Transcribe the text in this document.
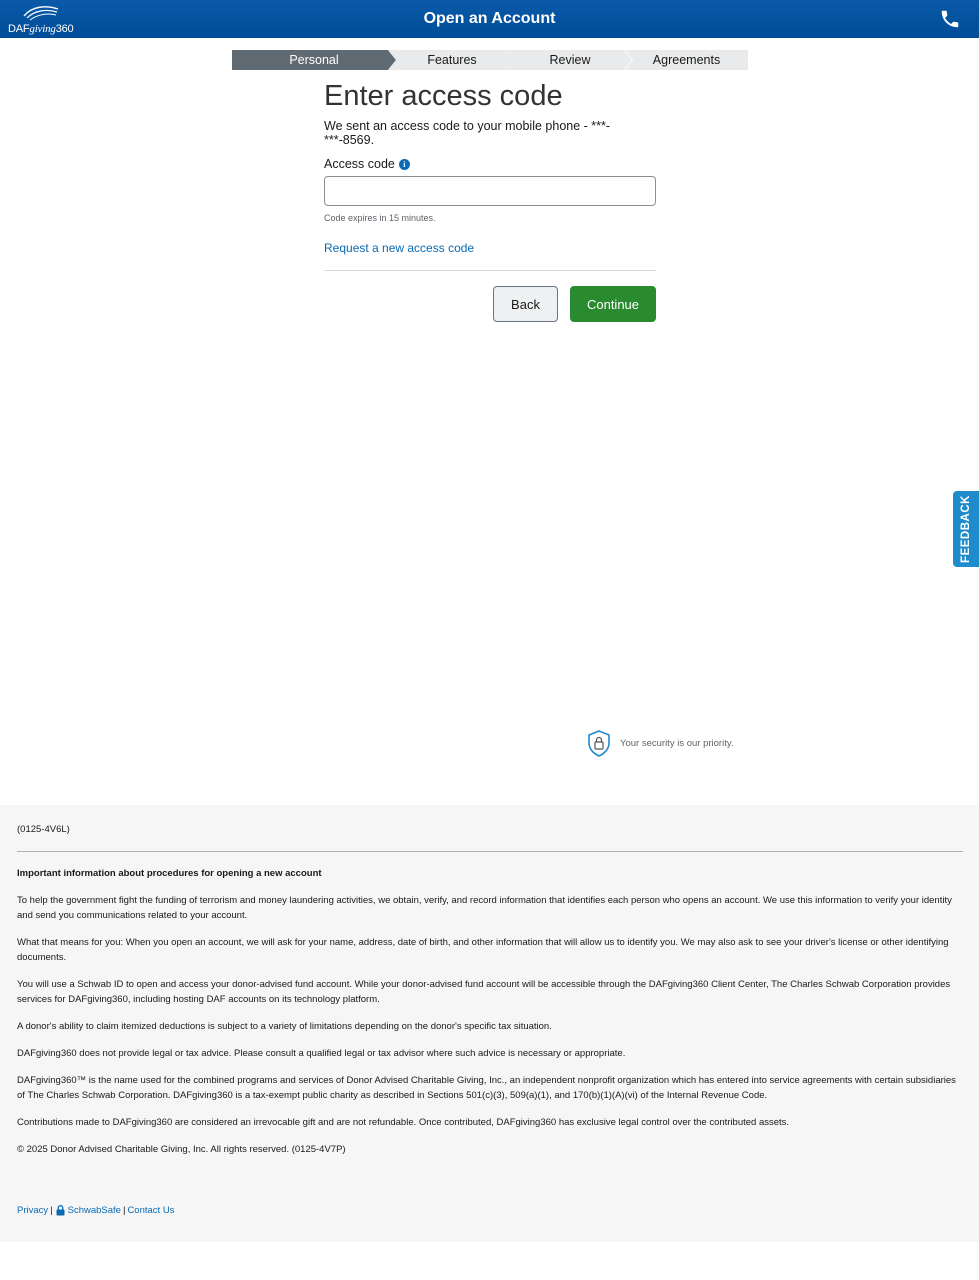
DAFgiving360
Open an Account
Personal	Features	Review	Agreements
Enter access code

We sent an access code to your mobile phone - ***-***-8569.

Access code	i
Code expires in 15 minutes.
Request a new access code
Back	Continue
FEEDBACK
Your security is our priority.
(0125-4V6L)
Important information about procedures for opening a new account

To help the government fight the funding of terrorism and money laundering activities, we obtain, verify, and record information that identifies each person who opens an account. We use this information to verify your identity and send you communications related to your account.

What that means for you: When you open an account, we will ask for your name, address, date of birth, and other information that will allow us to identify you. We may also ask to see your driver's license or other identifying documents.

You will use a Schwab ID to open and access your donor-advised fund account. While your donor-advised fund account will be accessible through the DAFgiving360 Client Center, The Charles Schwab Corporation provides services for DAFgiving360, including hosting DAF accounts on its technology platform.

A donor's ability to claim itemized deductions is subject to a variety of limitations depending on the donor's specific tax situation.

DAFgiving360 does not provide legal or tax advice. Please consult a qualified legal or tax advisor where such advice is necessary or appropriate.

DAFgiving360™ is the name used for the combined programs and services of Donor Advised Charitable Giving, Inc., an independent nonprofit organization which has entered into service agreements with certain subsidiaries of The Charles Schwab Corporation. DAFgiving360 is a tax-exempt public charity as described in Sections 501(c)(3), 509(a)(1), and 170(b)(1)(A)(vi) of the Internal Revenue Code.

Contributions made to DAFgiving360 are considered an irrevocable gift and are not refundable. Once contributed, DAFgiving360 has exclusive legal control over the contributed assets.

© 2025 Donor Advised Charitable Giving, Inc. All rights reserved. (0125-4V7P)

Privacy | SchwabSafe | Contact Us
